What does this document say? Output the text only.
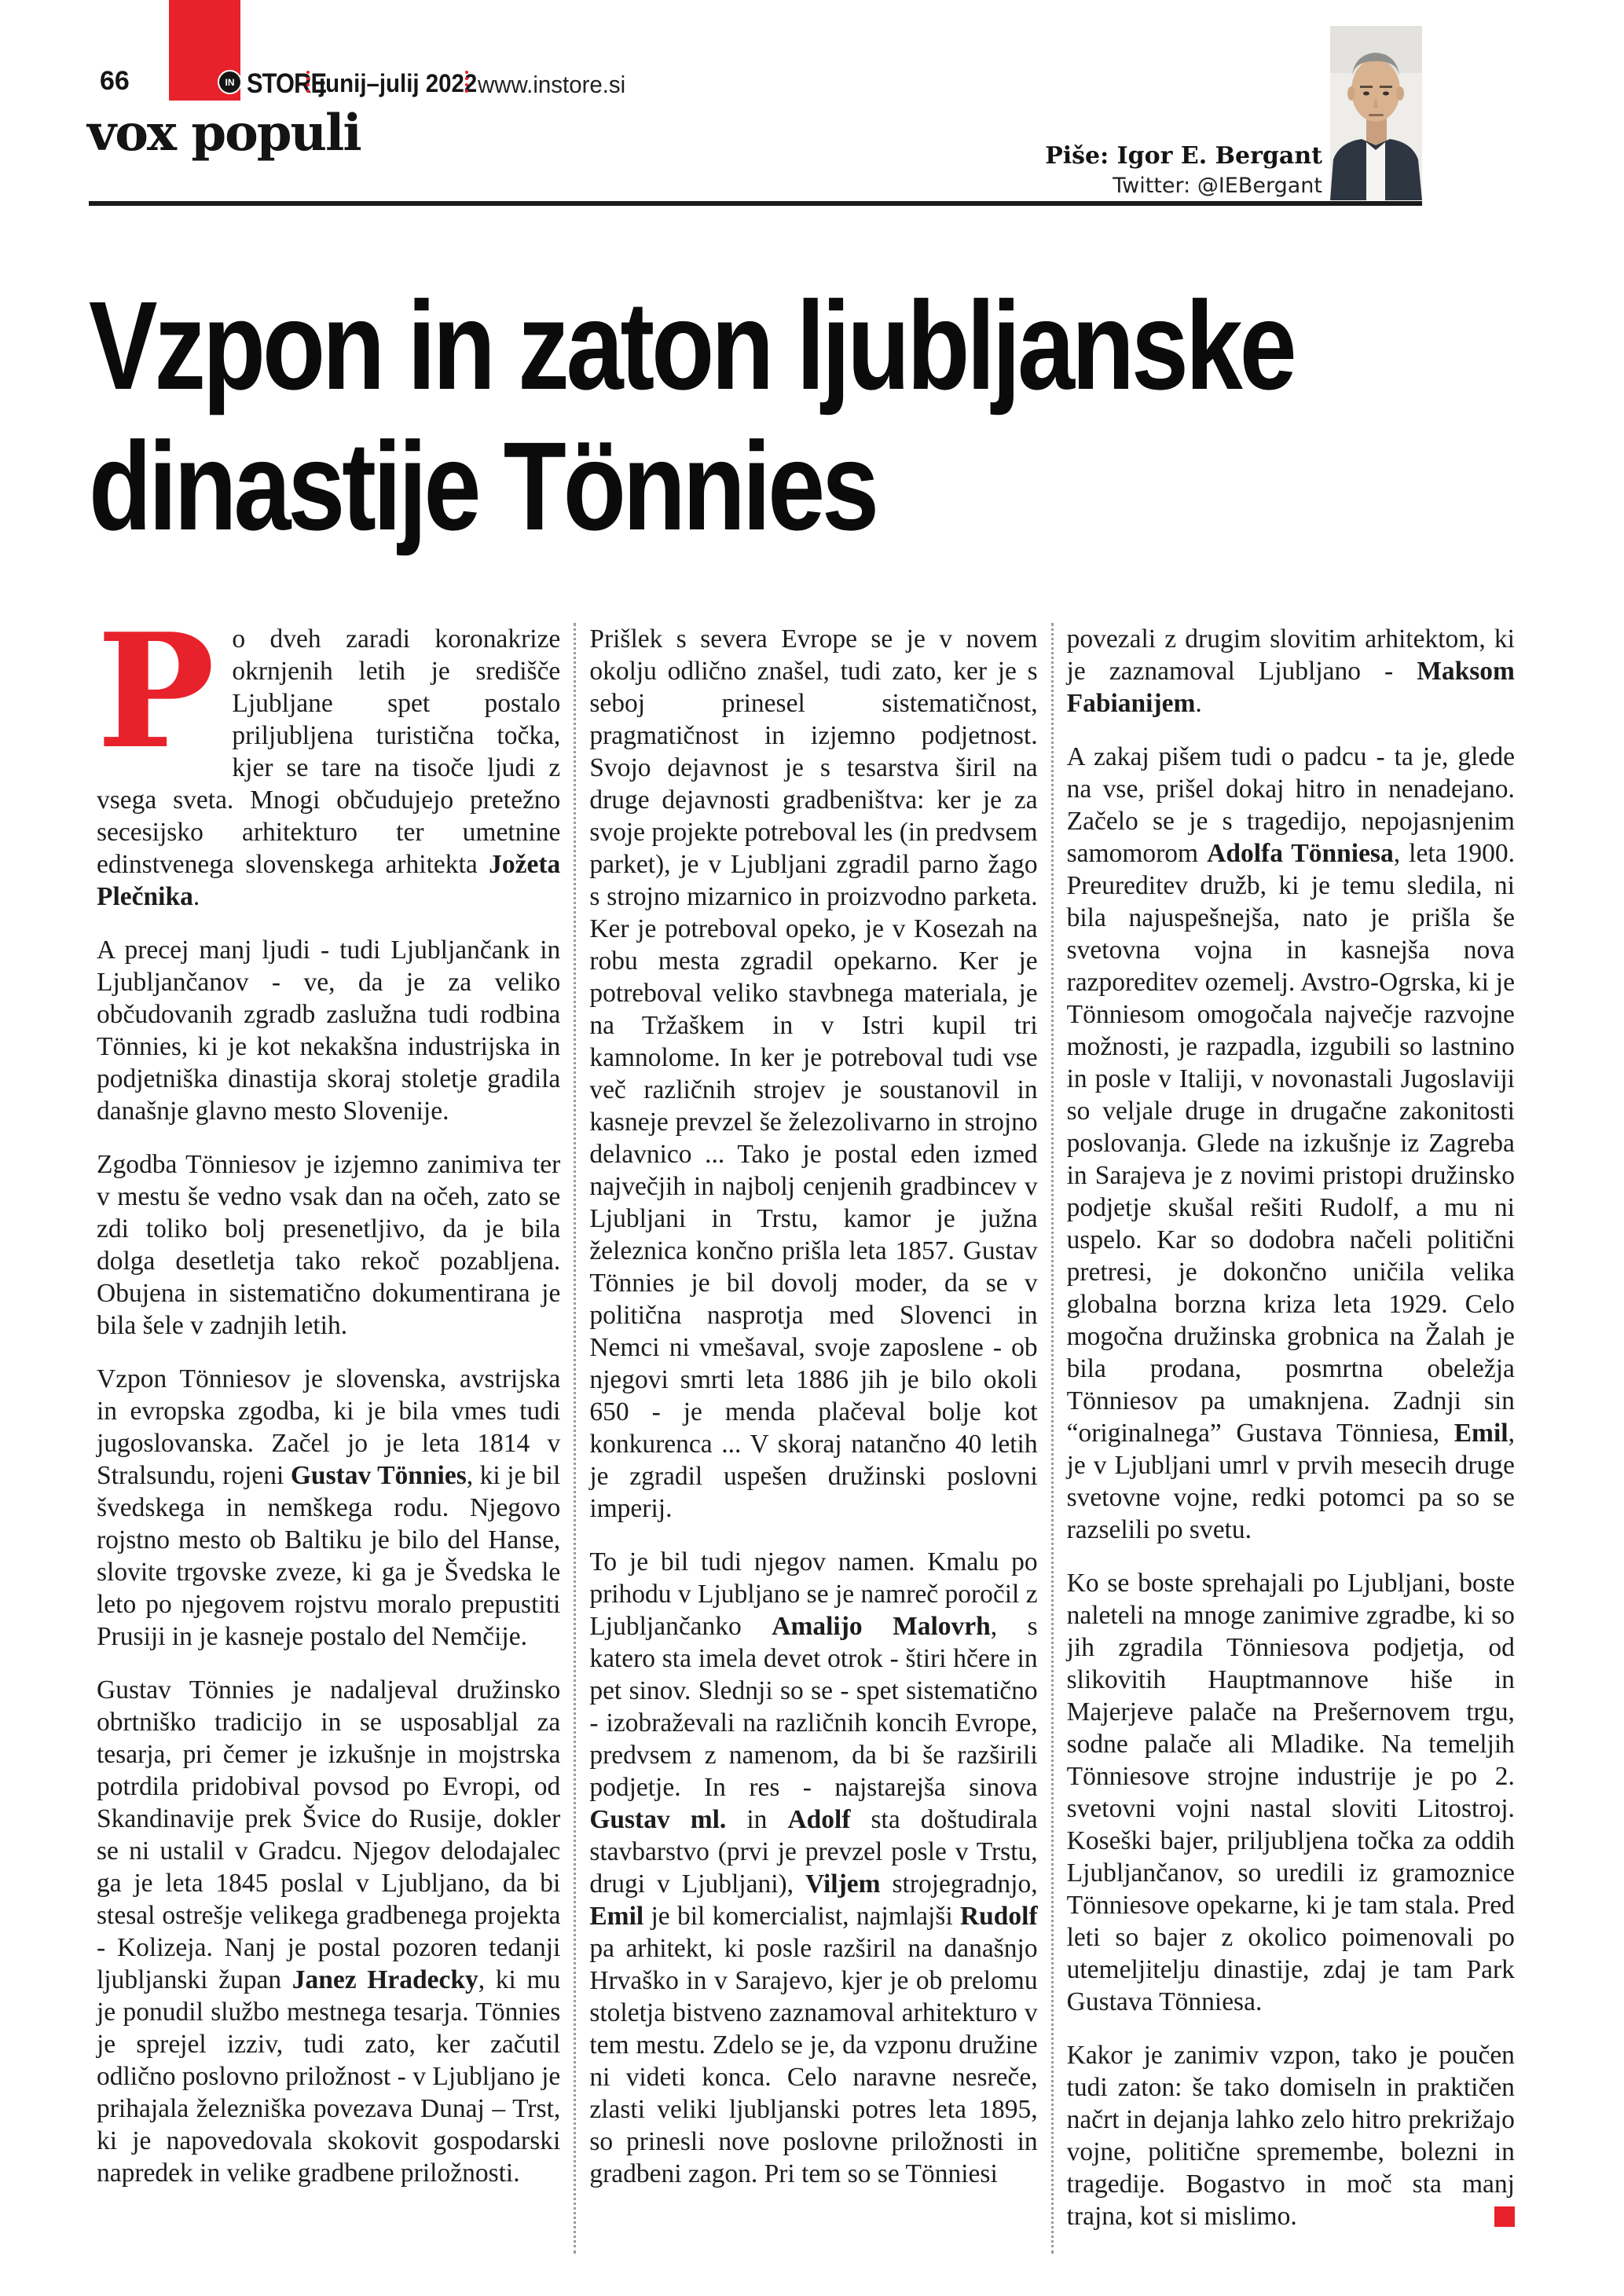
66	IN STORE
junij–julij 2022 www.instore.si
vox populi	Piše: Igor E. Bergant
Twitter: @IEBergant
Vzpon in zaton ljubljanske
dinastije Tönnies

Po dveh zaradi koronakrize okrnjenih letih je središče Ljubljane spet postalo priljubljena turistična točka, kjer se tare na tisoče ljudi z vsega sveta. Mnogi občudujejo pretežno secesijsko arhitekturo ter umetnine edinstvenega slovenskega arhitekta Jožeta Plečnika.

A precej manj ljudi - tudi Ljubljančank in Ljubljančanov - ve, da je za veliko občudovanih zgradb zaslužna tudi rodbina Tönnies, ki je kot nekakšna industrijska in podjetniška dinastija skoraj stoletje gradila današnje glavno mesto Slovenije.

Zgodba Tönniesov je izjemno zanimiva ter v mestu še vedno vsak dan na očeh, zato se zdi toliko bolj presenetljivo, da je bila dolga desetletja tako rekoč pozabljena. Obujena in sistematično dokumentirana je bila šele v zadnjih letih.

Vzpon Tönniesov je slovenska, avstrijska in evropska zgodba, ki je bila vmes tudi jugoslovanska. Začel jo je leta 1814 v Stralsundu, rojeni Gustav Tönnies, ki je bil švedskega in nemškega rodu. Njegovo rojstno mesto ob Baltiku je bilo del Hanse, slovite trgovske zveze, ki ga je Švedska le leto po njegovem rojstvu moralo prepustiti Prusiji in je kasneje postalo del Nemčije.

Gustav Tönnies je nadaljeval družinsko obrtniško tradicijo in se usposabljal za tesarja, pri čemer je izkušnje in mojstrska potrdila pridobival povsod po Evropi, od Skandinavije prek Švice do Rusije, dokler se ni ustalil v Gradcu. Njegov delodajalec ga je leta 1845 poslal v Ljubljano, da bi stesal ostrešje velikega gradbenega projekta - Kolizeja. Nanj je postal pozoren tedanji ljubljanski župan Janez Hradecky, ki mu je ponudil službo mestnega tesarja. Tönnies je sprejel izziv, tudi zato, ker začutil odlično poslovno priložnost - v Ljubljano je prihajala železniška povezava Dunaj – Trst, ki je napovedovala skokovit gospodarski napredek in velike gradbene priložnosti.

Prišlek s severa Evrope se je v novem okolju odlično znašel, tudi zato, ker je s seboj prinesel sistematičnost, pragmatičnost in izjemno podjetnost. Svojo dejavnost je s tesarstva širil na druge dejavnosti gradbeništva: ker je za svoje projekte potreboval les (in predvsem parket), je v Ljubljani zgradil parno žago s strojno mizarnico in proizvodno parketa. Ker je potreboval opeko, je v Kosezah na robu mesta zgradil opekarno. Ker je potreboval veliko stavbnega materiala, je na Tržaškem in v Istri kupil tri kamnolome. In ker je potreboval tudi vse več različnih strojev je soustanovil in kasneje prevzel še železolivarno in strojno delavnico ... Tako je postal eden izmed največjih in najbolj cenjenih gradbincev v Ljubljani in Trstu, kamor je južna železnica končno prišla leta 1857. Gustav Tönnies je bil dovolj moder, da se v politična nasprotja med Slovenci in Nemci ni vmešaval, svoje zaposlene - ob njegovi smrti leta 1886 jih je bilo okoli 650 - je menda plačeval bolje kot konkurenca ... V skoraj natančno 40 letih je zgradil uspešen družinski poslovni imperij.

To je bil tudi njegov namen. Kmalu po prihodu v Ljubljano se je namreč poročil z Ljubljančanko Amalijo Malovrh, s katero sta imela devet otrok - štiri hčere in pet sinov. Slednji so se - spet sistematično - izobraževali na različnih koncih Evrope, predvsem z namenom, da bi še razširili podjetje. In res - najstarejša sinova Gustav ml. in Adolf sta doštudirala stavbarstvo (prvi je prevzel posle v Trstu, drugi v Ljubljani), Viljem strojegradnjo, Emil je bil komercialist, najmlajši Rudolf pa arhitekt, ki posle razširil na današnjo Hrvaško in v Sarajevo, kjer je ob prelomu stoletja bistveno zaznamoval arhitekturo v tem mestu. Zdelo se je, da vzponu družine ni videti konca. Celo naravne nesreče, zlasti veliki ljubljanski potres leta 1895, so prinesli nove poslovne priložnosti in gradbeni zagon. Pri tem so se Tönniesi

povezali z drugim slovitim arhitektom, ki je zaznamoval Ljubljano - Maksom Fabianijem.

A zakaj pišem tudi o padcu - ta je, glede na vse, prišel dokaj hitro in nenadejano. Začelo se je s tragedijo, nepojasnjenim samomorom Adolfa Tönniesa, leta 1900. Preureditev družb, ki je temu sledila, ni bila najuspešnejša, nato je prišla še svetovna vojna in kasnejša nova razporeditev ozemelj. Avstro-Ogrska, ki je Tönniesom omogočala največje razvojne možnosti, je razpadla, izgubili so lastnino in posle v Italiji, v novonastali Jugoslaviji so veljale druge in drugačne zakonitosti poslovanja. Glede na izkušnje iz Zagreba in Sarajeva je z novimi pristopi družinsko podjetje skušal rešiti Rudolf, a mu ni uspelo. Kar so dodobra načeli politični pretresi, je dokončno uničila velika globalna borzna kriza leta 1929. Celo mogočna družinska grobnica na Žalah je bila prodana, posmrtna obeležja Tönniesov pa umaknjena. Zadnji sin “originalnega” Gustava Tönniesa, Emil, je v Ljubljani umrl v prvih mesecih druge svetovne vojne, redki potomci pa so se razselili po svetu.

Ko se boste sprehajali po Ljubljani, boste naleteli na mnoge zanimive zgradbe, ki so jih zgradila Tönniesova podjetja, od slikovitih Hauptmannove hiše in Majerjeve palače na Prešernovem trgu, sodne palače ali Mladike. Na temeljih Tönniesove strojne industrije je po 2. svetovni vojni nastal sloviti Litostroj. Koseški bajer, priljubljena točka za oddih Ljubljančanov, so uredili iz gramoznice Tönniesove opekarne, ki je tam stala. Pred leti so bajer z okolico poimenovali po utemeljitelju dinastije, zdaj je tam Park Gustava Tönniesa.

Kakor je zanimiv vzpon, tako je poučen tudi zaton: še tako domiseln in praktičen načrt in dejanja lahko zelo hitro prekrižajo vojne, politične spremembe, bolezni in tragedije. Bogastvo in moč sta manj trajna, kot si mislimo.
